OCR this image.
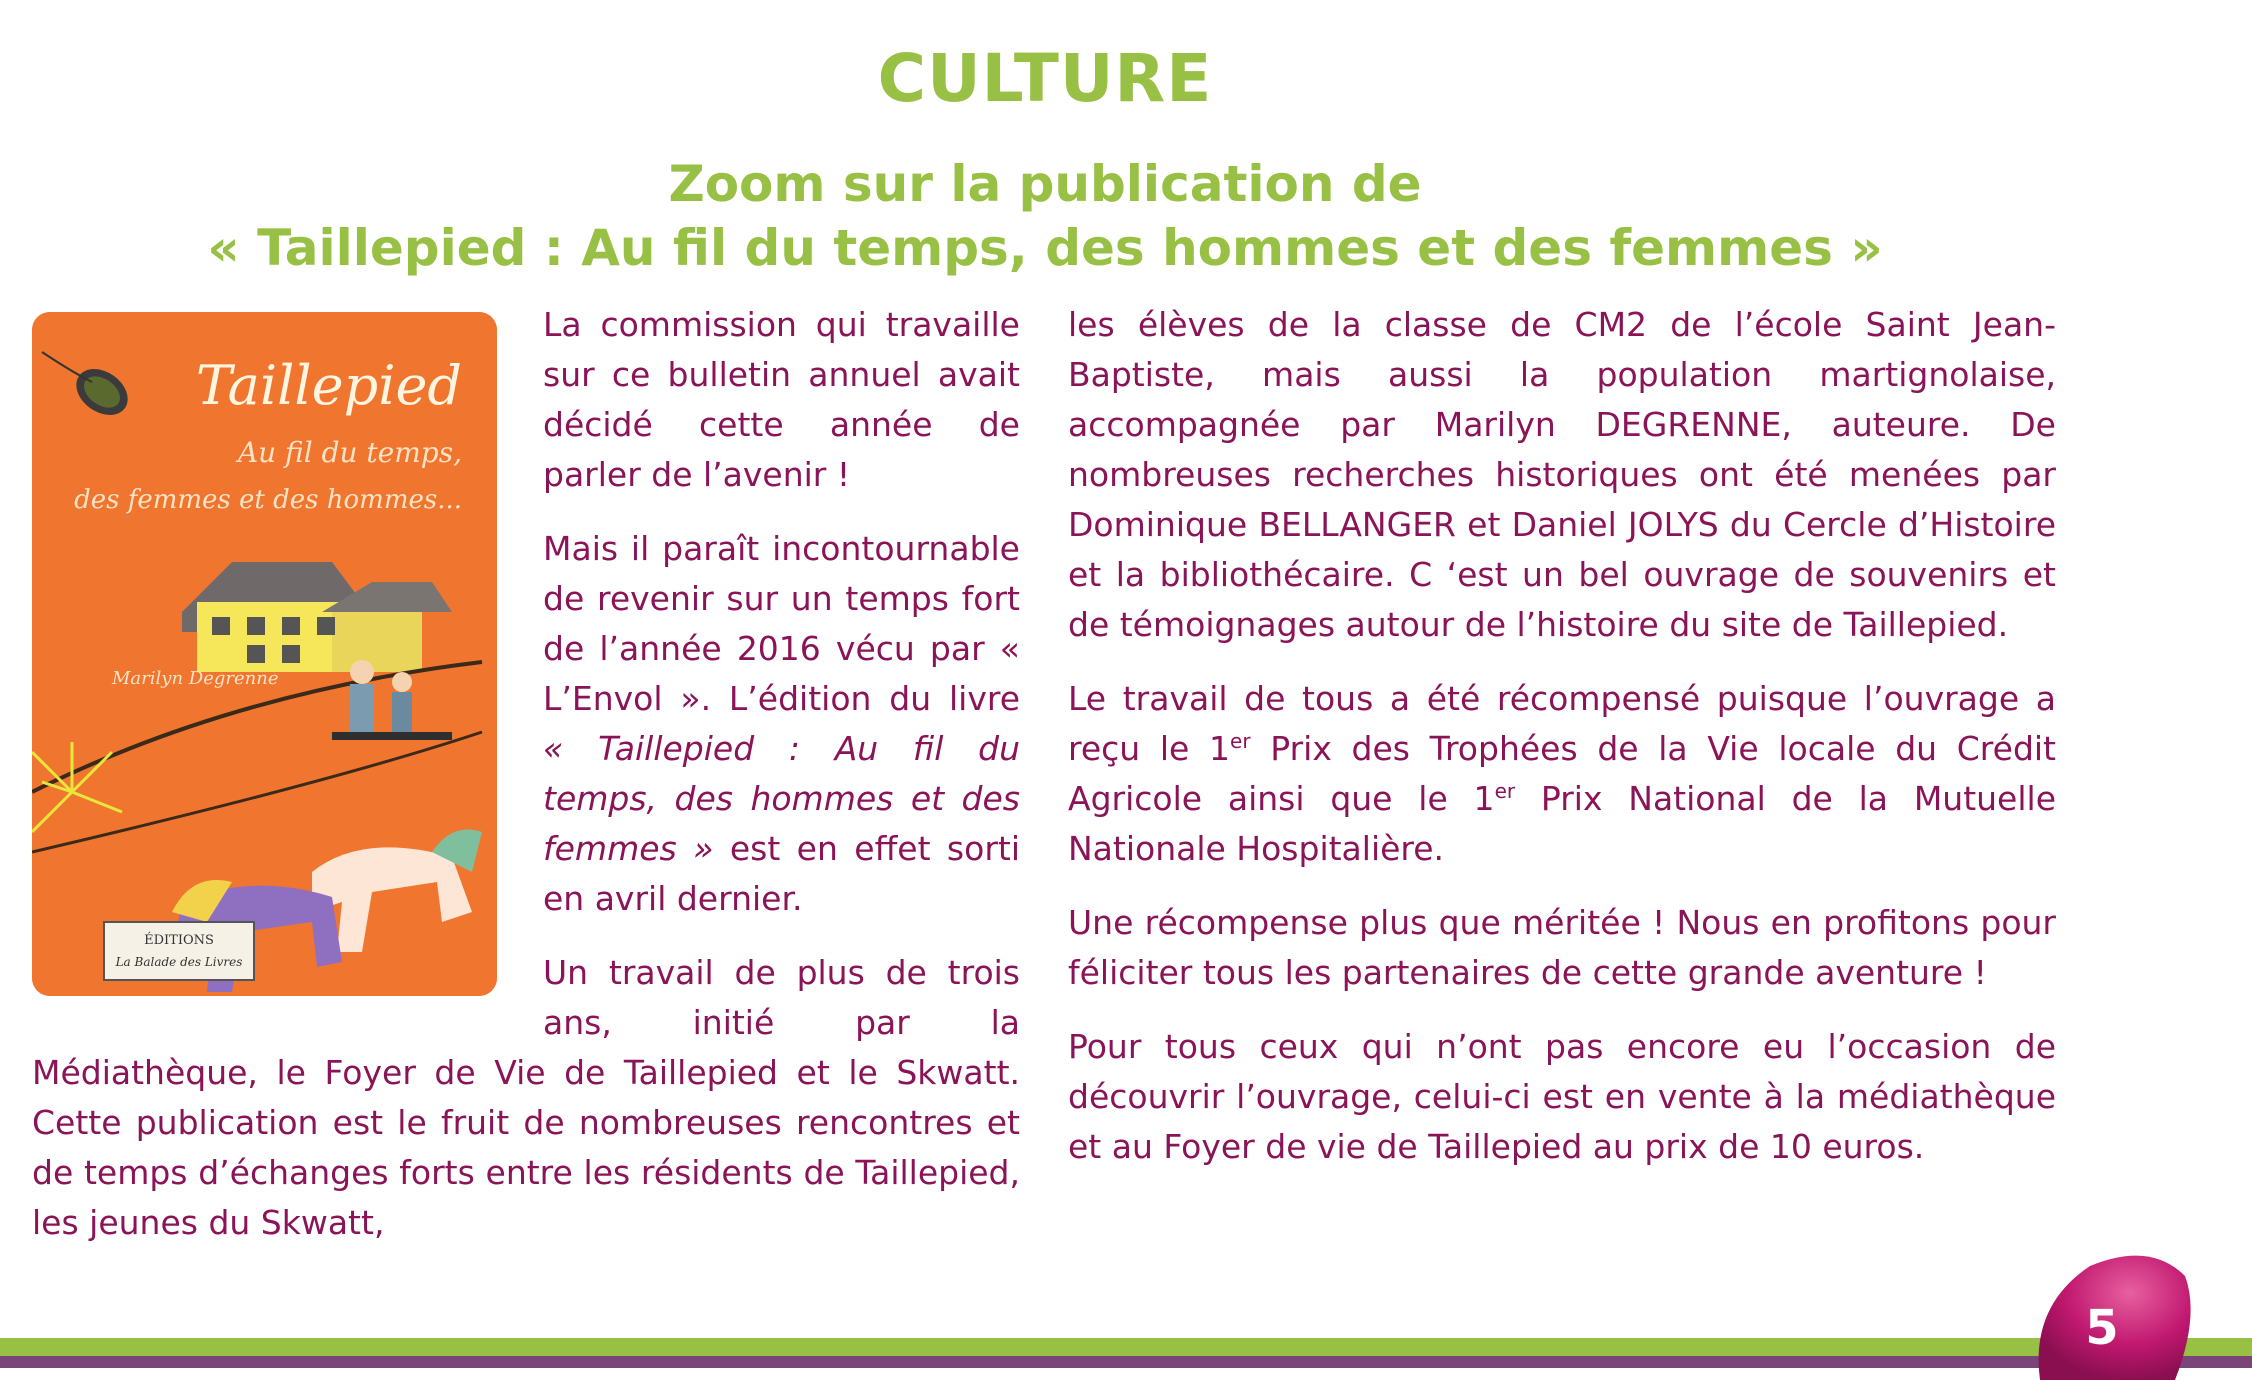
CULTURE
Zoom sur la publication de
« Taillepied : Au fil du temps, des hommes et des femmes »
Taillepied
Au fil du temps,
des femmes et des hommes...
Marilyn Degrenne
ÉDITIONS
La Balade des Livres

La commission qui travaille sur ce bulletin annuel avait décidé cette année de parler de l’avenir !

Mais il paraît incontournable de revenir sur un temps fort de l’année 2016 vécu par « L’Envol ». L’édition du livre « Taillepied : Au fil du temps, des hommes et des femmes » est en effet sorti en avril dernier.

Un travail de plus de trois ans, initié par la Médiathèque, le Foyer de Vie de Taillepied et le Skwatt. Cette publication est le fruit de nombreuses rencontres et de temps d’échanges forts entre les résidents de Taillepied, les jeunes du Skwatt,

les élèves de la classe de CM2 de l’école Saint Jean-Baptiste, mais aussi la population martignolaise, accompagnée par Marilyn DEGRENNE, auteure. De nombreuses recherches historiques ont été menées par Dominique BELLANGER et Daniel JOLYS du Cercle d’Histoire et la bibliothécaire. C ‘est un bel ouvrage de souvenirs et de témoignages autour de l’histoire du site de Taillepied.

Le travail de tous a été récompensé puisque l’ouvrage a reçu le 1er Prix des Trophées de la Vie locale du Crédit Agricole ainsi que le 1er Prix National de la Mutuelle Nationale Hospitalière.

Une récompense plus que méritée ! Nous en profitons pour féliciter tous les partenaires de cette grande aventure !

Pour tous ceux qui n’ont pas encore eu l’occasion de découvrir l’ouvrage, celui-ci est en vente à la médiathèque et au Foyer de vie de Taillepied au prix de 10 euros.

5
